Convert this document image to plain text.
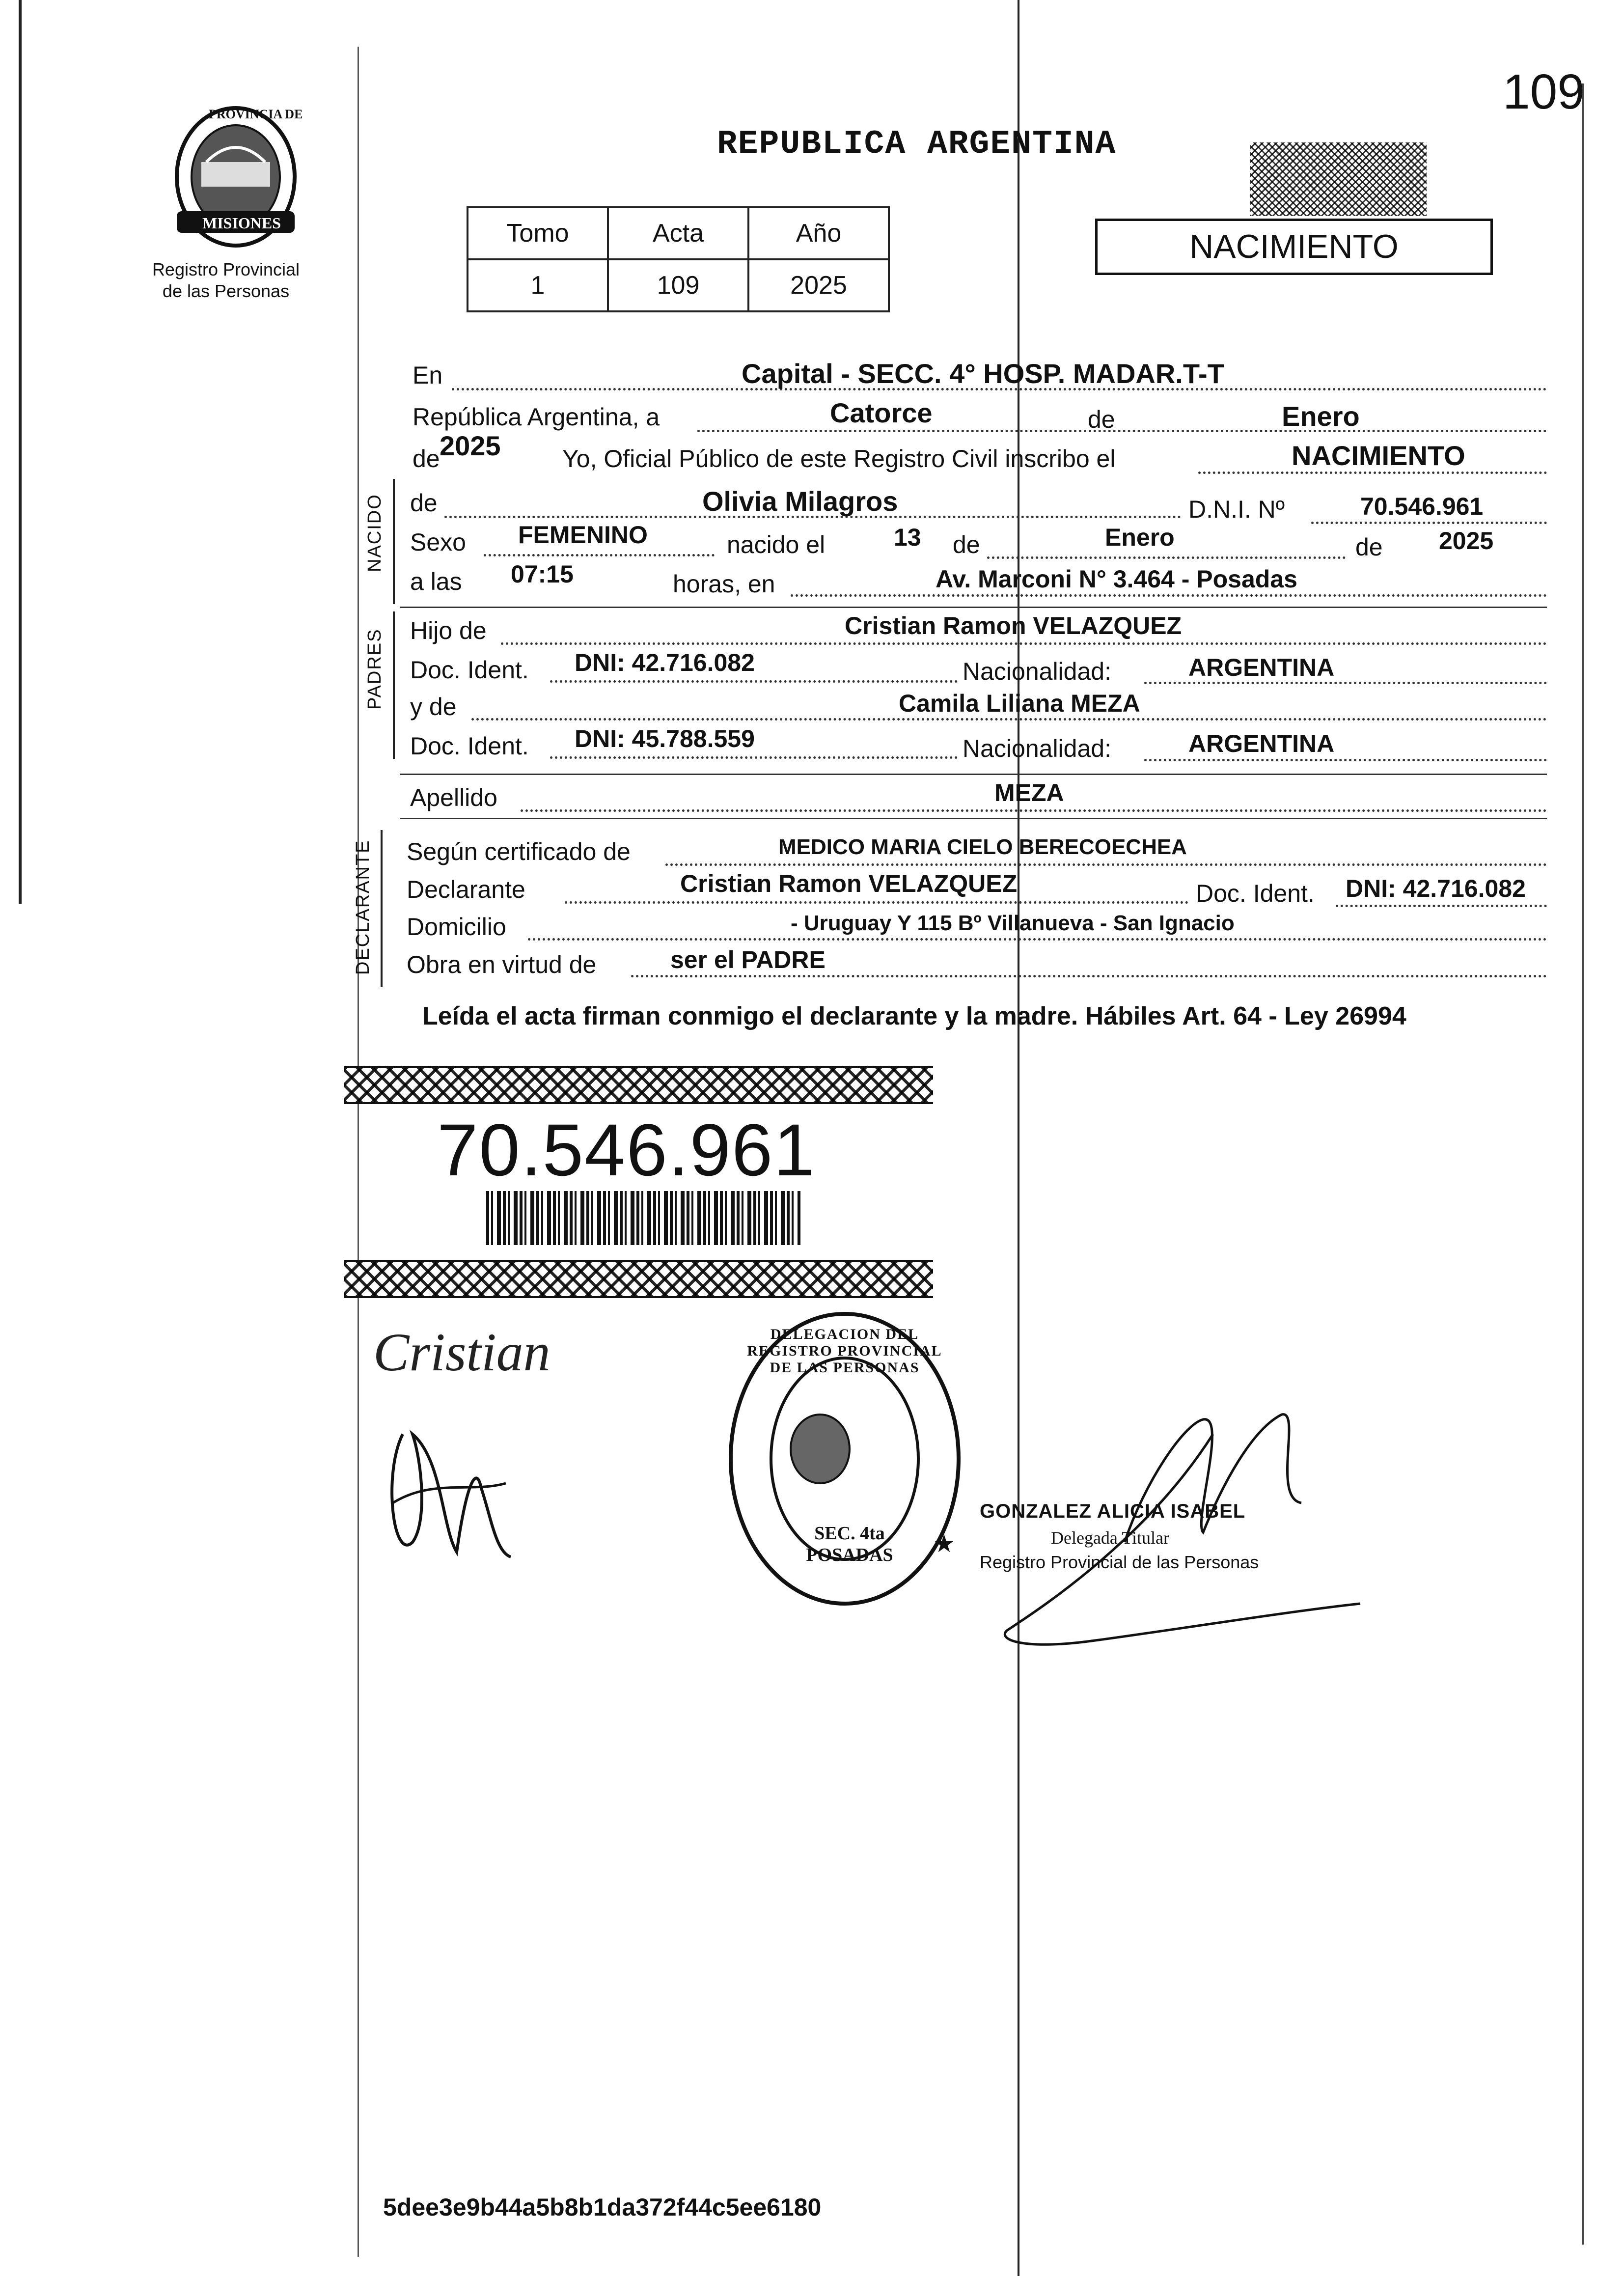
109
PROVINCIA DE
MISIONES
Registro Provincial
de las Personas
REPUBLICA ARGENTINA
Tomo	Acta	Año
1	109	2025
NACIMIENTO
En	Capital - SECC. 4° HOSP. MADAR.T-T
República Argentina, a	Catorce	de	Enero
de 2025	Yo, Oficial Público de este Registro Civil inscribo el	NACIMIENTO
NACIDO de	Olivia Milagros	D.N.I. Nº	70.546.961
Sexo FEMENINO	nacido el	13 de	Enero	de 2025
a las 07:15	horas, en	Av. Marconi N° 3.464 - Posadas
PADRES Hijo de	Cristian Ramon VELAZQUEZ
Doc. Ident. DNI: 42.716.082	Nacionalidad:	ARGENTINA
y de	Camila Liliana MEZA
Doc. Ident. DNI: 45.788.559	Nacionalidad:	ARGENTINA
Apellido	MEZA
DECLARANTE Según certificado de	MEDICO MARIA CIELO BERECOECHEA
Declarante	Cristian Ramon VELAZQUEZ	Doc. Ident. DNI: 42.716.082
Domicilio	- Uruguay Y 115 Bº Villanueva - San Ignacio
Obra en virtud de	ser el PADRE
Leída el acta firman conmigo el declarante y la madre. Hábiles Art. 64 - Ley 26994
70.546.961
Cristian
★
DELEGACION DEL REGISTRO PROVINCIAL DE LAS PERSONAS
SEC. 4ta POSADAS
GONZALEZ ALICIA ISABEL
Delegada Titular
Registro Provincial de las Personas
5dee3e9b44a5b8b1da372f44c5ee6180
